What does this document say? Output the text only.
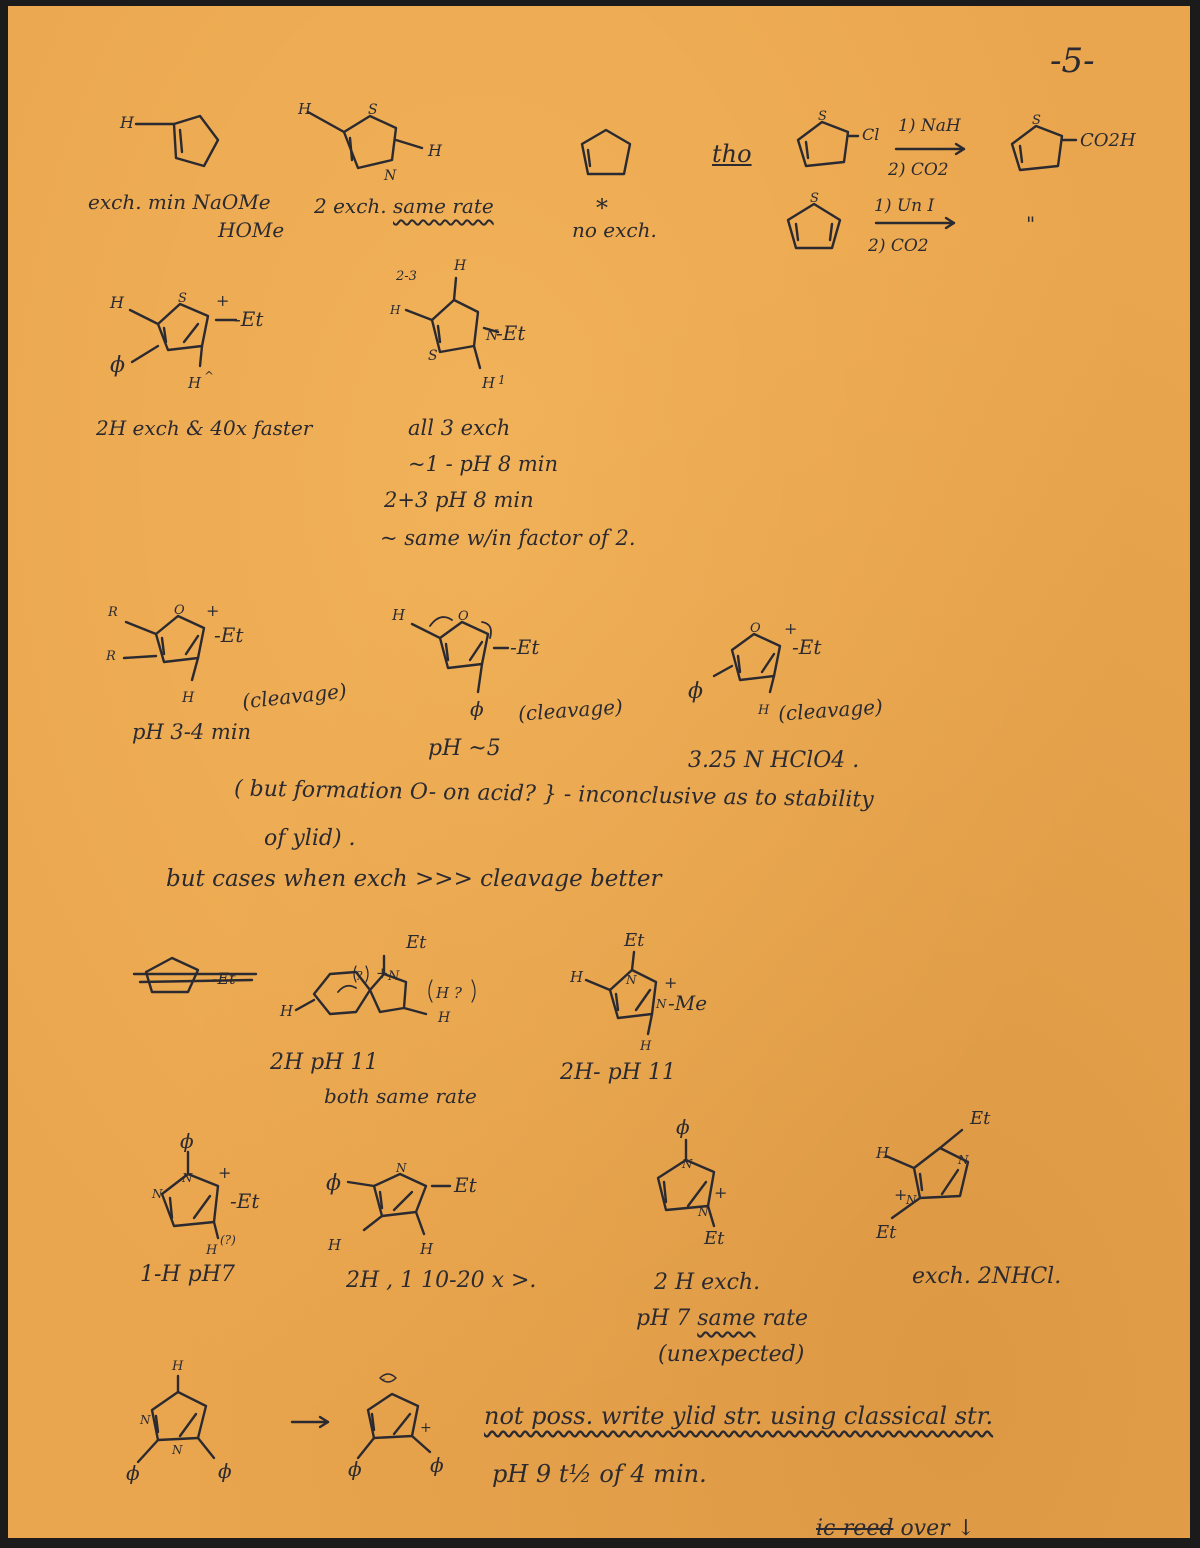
-5-
H
exch. min NaOMe
HOMe
H
H
S
N
2 exch. same rate	*
no exch.
tho
S
Cl 1) NaH
2) CO2
S
CO2H
S	1) Un I
2) CO2
"
H
ϕ
S +
-Et
H ^
2H exch & 40x faster
2-3
H
H
S
N
-Et
H 1
all 3 exch
~1 - pH 8 min
2+3 pH 8 min
~ same w/in factor of 2.
R
R
O +
-Et
H (cleavage)
pH 3-4 min
H	O
-Et
ϕ (cleavage)
pH ~5
O +
-Et
ϕ
H (cleavage)
3.25 N HClO4 .
( but formation O- on acid? } - inconclusive as to stability
of ylid) .
but cases when exch >>> cleavage better
-Et	? + N
Et
H ?
H	H
2H pH 11
both same rate
Et
H	N +
N -Me
H
2H- pH 11
ϕ
N +
N	-Et
H
(?)
1-H pH7
ϕ
N
Et
H	H
2H , 1 10-20 x >.
ϕ
N
+
N
Et
2 H exch.
pH 7 same rate
(unexpected)
Et
H	N
+
N
Et
exch. 2NHCl.
H
N
N
ϕ	ϕ
-
+
ϕ	ϕ
not poss. write ylid str. using classical str.
pH 9 t½ of 4 min.
ic-reed over ↓
